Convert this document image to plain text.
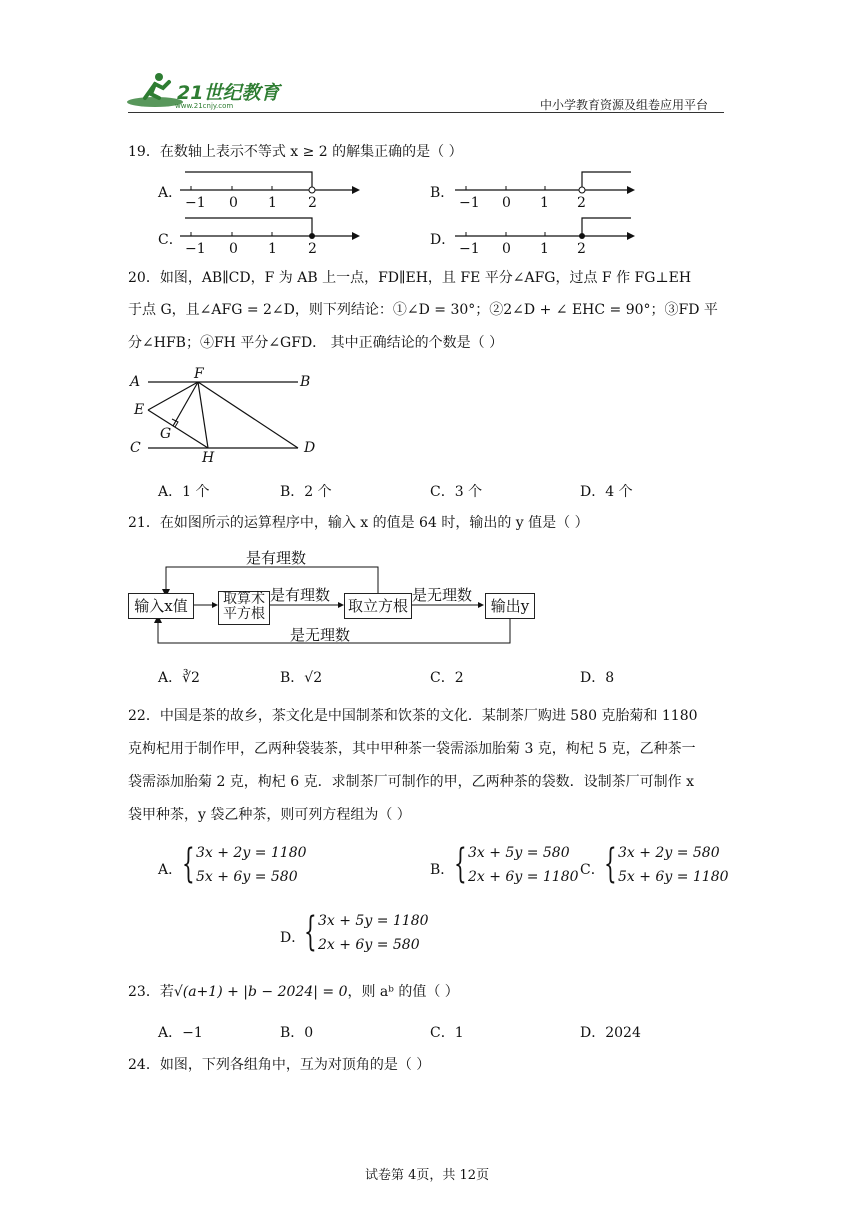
21世纪教育
www.21cnjy.com	中小学教育资源及组卷应用平台
19．在数轴上表示不等式 x ≥ 2 的解集正确的是（ ）
A．
−1 0 1 2
B．
−1 0 1 2
C．
−1 0 1 2
D．
−1 0 1 2
20．如图，AB∥CD，F 为 AB 上一点，FD∥EH，且 FE 平分∠AFG，过点 F 作 FG⊥EH
于点 G，且∠AFG = 2∠D，则下列结论：①∠D = 30°；②2∠D + ∠ EHC = 90°；③FD 平
分∠HFB；④FH 平分∠GFD． 其中正确结论的个数是（ ）
A	F	B
E
G
C
H
D
A．1 个	B．2 个	C．3 个	D．4 个
21．在如图所示的运算程序中，输入 x 的值是 64 时，输出的 y 值是（ ）
输入x值	取算术
平方根	取立方根	输出y
是有理数
是有理数	是无理数
是无理数
A．∛2	B．√2	C．2	D．8
22．中国是茶的故乡，茶文化是中国制茶和饮茶的文化．某制茶厂购进 580 克胎菊和 1180
克枸杞用于制作甲，乙两种袋装茶，其中甲种茶一袋需添加胎菊 3 克，枸杞 5 克，乙种茶一
袋需添加胎菊 2 克，枸杞 6 克．求制茶厂可制作的甲，乙两种茶的袋数．设制茶厂可制作 x
袋甲种茶，y 袋乙种茶，则可列方程组为（ ）
A． { 3x + 2y = 1180
5x + 6y = 580	B． { 3x + 5y = 580
2x + 6y = 1180 C． { 3x + 2y = 580
5x + 6y = 1180
D．
{ 3x + 5y = 1180
2x + 6y = 580
23．若√(a+1) + |b − 2024| = 0，则 aᵇ 的值（ ）
A．−1	B．0	C．1	D．2024
24．如图，下列各组角中，互为对顶角的是（ ）
试卷第 4页，共 12页
